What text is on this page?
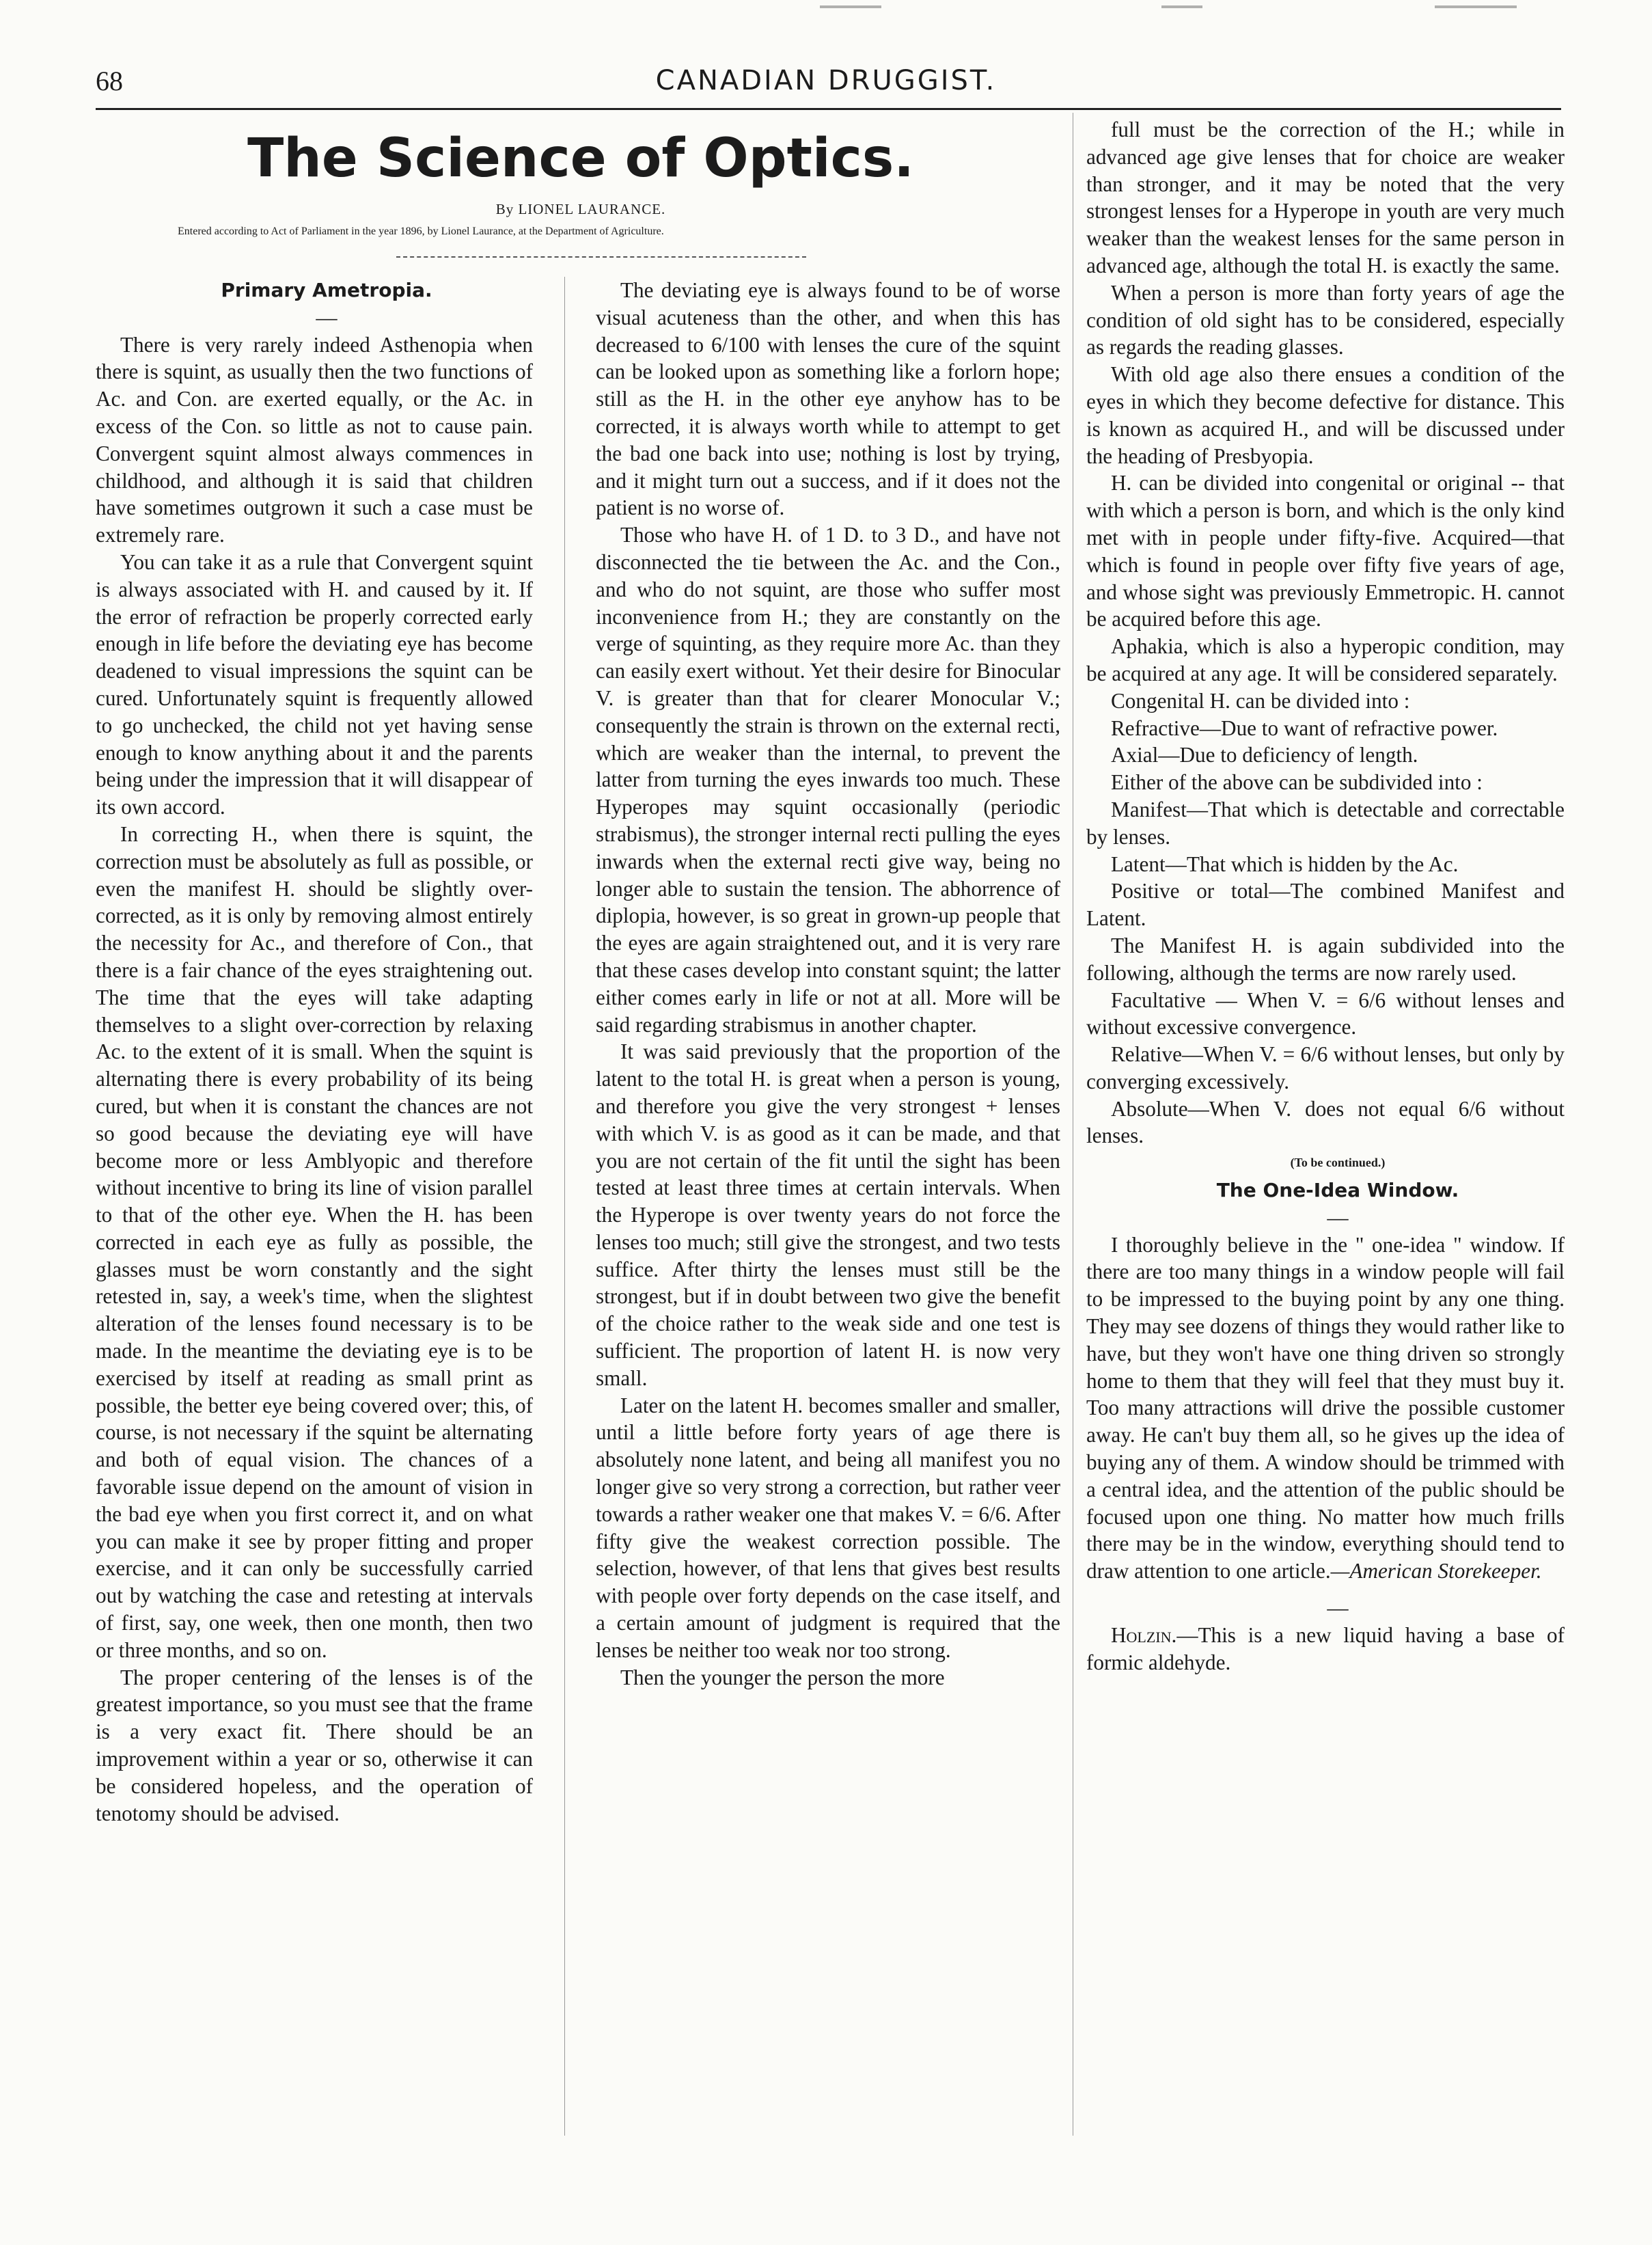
68	CANADIAN DRUGGIST.
The Science of Optics.
By LIONEL LAURANCE.
Entered according to Act of Parliament in the year 1896, by Lionel Laurance, at the Department of Agriculture.

Primary Ametropia.

—

There is very rarely indeed Asthenopia when there is squint, as usually then the two functions of Ac. and Con. are exerted equally, or the Ac. in excess of the Con. so little as not to cause pain. Convergent squint almost always commences in childhood, and although it is said that children have sometimes outgrown it such a case must be extremely rare.

You can take it as a rule that Convergent squint is always associated with H. and caused by it. If the error of refraction be properly corrected early enough in life before the deviating eye has become deadened to visual impressions the squint can be cured. Unfortunately squint is frequently allowed to go unchecked, the child not yet having sense enough to know anything about it and the parents being under the impression that it will disappear of its own accord.

In correcting H., when there is squint, the correction must be absolutely as full as possible, or even the manifest H. should be slightly over-corrected, as it is only by removing almost entirely the necessity for Ac., and therefore of Con., that there is a fair chance of the eyes straightening out. The time that the eyes will take adapting themselves to a slight over-correction by relaxing Ac. to the extent of it is small. When the squint is alternating there is every probability of its being cured, but when it is constant the chances are not so good because the deviating eye will have become more or less Amblyopic and therefore without incentive to bring its line of vision parallel to that of the other eye. When the H. has been corrected in each eye as fully as possible, the glasses must be worn constantly and the sight retested in, say, a week's time, when the slightest alteration of the lenses found necessary is to be made. In the meantime the deviating eye is to be exercised by itself at reading as small print as possible, the better eye being covered over; this, of course, is not necessary if the squint be alternating and both of equal vision. The chances of a favorable issue depend on the amount of vision in the bad eye when you first correct it, and on what you can make it see by proper fitting and proper exercise, and it can only be successfully carried out by watching the case and retesting at intervals of first, say, one week, then one month, then two or three months, and so on.

The proper centering of the lenses is of the greatest importance, so you must see that the frame is a very exact fit. There should be an improvement within a year or so, otherwise it can be considered hopeless, and the operation of tenotomy should be advised.

The deviating eye is always found to be of worse visual acuteness than the other, and when this has decreased to 6/100 with lenses the cure of the squint can be looked upon as something like a forlorn hope; still as the H. in the other eye anyhow has to be corrected, it is always worth while to attempt to get the bad one back into use; nothing is lost by trying, and it might turn out a success, and if it does not the patient is no worse of.

Those who have H. of 1 D. to 3 D., and have not disconnected the tie between the Ac. and the Con., and who do not squint, are those who suffer most inconvenience from H.; they are constantly on the verge of squinting, as they require more Ac. than they can easily exert without. Yet their desire for Binocular V. is greater than that for clearer Monocular V.; consequently the strain is thrown on the external recti, which are weaker than the internal, to prevent the latter from turning the eyes inwards too much. These Hyperopes may squint occasionally (periodic strabismus), the stronger internal recti pulling the eyes inwards when the external recti give way, being no longer able to sustain the tension. The abhorrence of diplopia, however, is so great in grown-up people that the eyes are again straightened out, and it is very rare that these cases develop into constant squint; the latter either comes early in life or not at all. More will be said regarding strabismus in another chapter.

It was said previously that the proportion of the latent to the total H. is great when a person is young, and therefore you give the very strongest + lenses with which V. is as good as it can be made, and that you are not certain of the fit until the sight has been tested at least three times at certain intervals. When the Hyperope is over twenty years do not force the lenses too much; still give the strongest, and two tests suffice. After thirty the lenses must still be the strongest, but if in doubt between two give the benefit of the choice rather to the weak side and one test is sufficient. The proportion of latent H. is now very small.

Later on the latent H. becomes smaller and smaller, until a little before forty years of age there is absolutely none latent, and being all manifest you no longer give so very strong a correction, but rather veer towards a rather weaker one that makes V. = 6/6. After fifty give the weakest correction possible. The selection, however, of that lens that gives best results with people over forty depends on the case itself, and a certain amount of judgment is required that the lenses be neither too weak nor too strong.

Then the younger the person the more

full must be the correction of the H.; while in advanced age give lenses that for choice are weaker than stronger, and it may be noted that the very strongest lenses for a Hyperope in youth are very much weaker than the weakest lenses for the same person in advanced age, although the total H. is exactly the same.

When a person is more than forty years of age the condition of old sight has to be considered, especially as regards the reading glasses.

With old age also there ensues a condition of the eyes in which they become defective for distance. This is known as acquired H., and will be discussed under the heading of Presbyopia.

H. can be divided into congenital or original -- that with which a person is born, and which is the only kind met with in people under fifty-five. Acquired—that which is found in people over fifty five years of age, and whose sight was previously Emmetropic. H. cannot be acquired before this age.

Aphakia, which is also a hyperopic condition, may be acquired at any age. It will be considered separately.

Congenital H. can be divided into :

Refractive—Due to want of refractive power.

Axial—Due to deficiency of length.

Either of the above can be subdivided into :

Manifest—That which is detectable and correctable by lenses.

Latent—That which is hidden by the Ac.

Positive or total—The combined Manifest and Latent.

The Manifest H. is again subdivided into the following, although the terms are now rarely used.

Facultative — When V. = 6/6 without lenses and without excessive convergence.

Relative—When V. = 6/6 without lenses, but only by converging excessively.

Absolute—When V. does not equal 6/6 without lenses.

(To be continued.)

The One-Idea Window.

—

I thoroughly believe in the " one-idea " window. If there are too many things in a window people will fail to be impressed to the buying point by any one thing. They may see dozens of things they would rather like to have, but they won't have one thing driven so strongly home to them that they will feel that they must buy it. Too many attractions will drive the possible customer away. He can't buy them all, so he gives up the idea of buying any of them. A window should be trimmed with a central idea, and the attention of the public should be focused upon one thing. No matter how much frills there may be in the window, everything should tend to draw attention to one article.—American Storekeeper.

—

Holzin.—This is a new liquid having a base of formic aldehyde.
